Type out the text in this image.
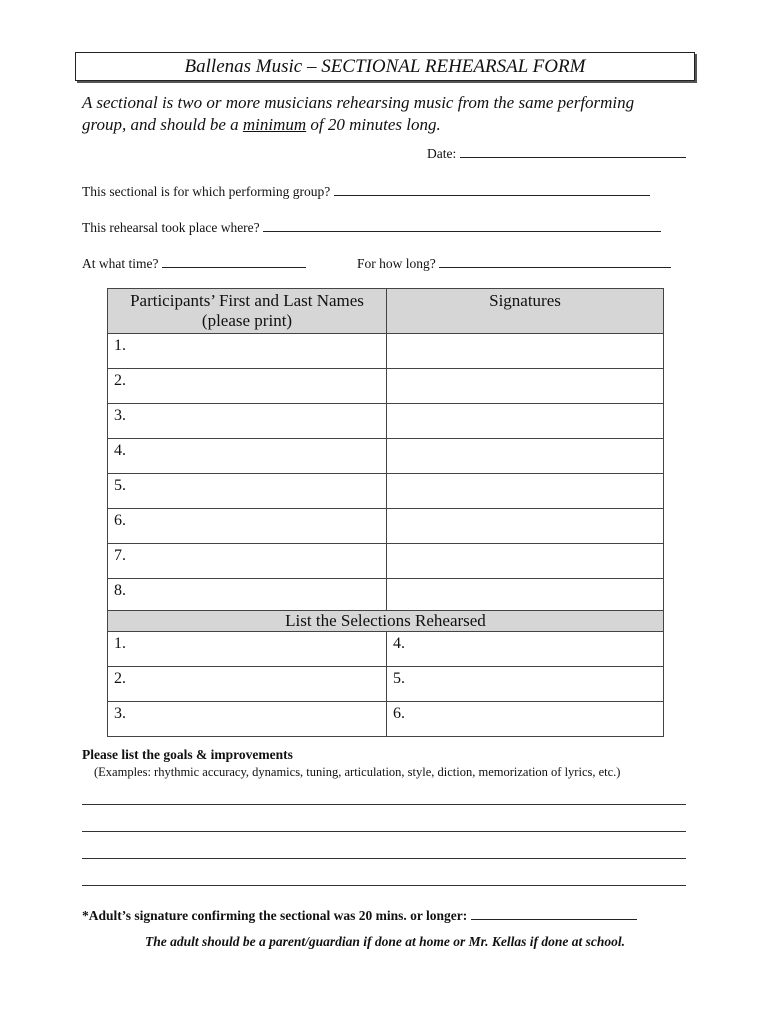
Ballenas Music – SECTIONAL REHEARSAL FORM
A sectional is two or more musicians rehearsing music from the same performing group, and should be a minimum of 20 minutes long.
Date:
This sectional is for which performing group?
This rehearsal took place where?
At what time?	For how long?
Participants’ First and Last Names
(please print)	Signatures
1.	
2.	
3.	
4.	
5.	
6.	
7.	
8.	
List the Selections Rehearsed	
1.	4.
2.	5.
3.	6.
Please list the goals & improvements
(Examples: rhythmic accuracy, dynamics, tuning, articulation, style, diction, memorization of lyrics, etc.)
*Adult’s signature confirming the sectional was 20 mins. or longer:
The adult should be a parent/guardian if done at home or Mr. Kellas if done at school.
